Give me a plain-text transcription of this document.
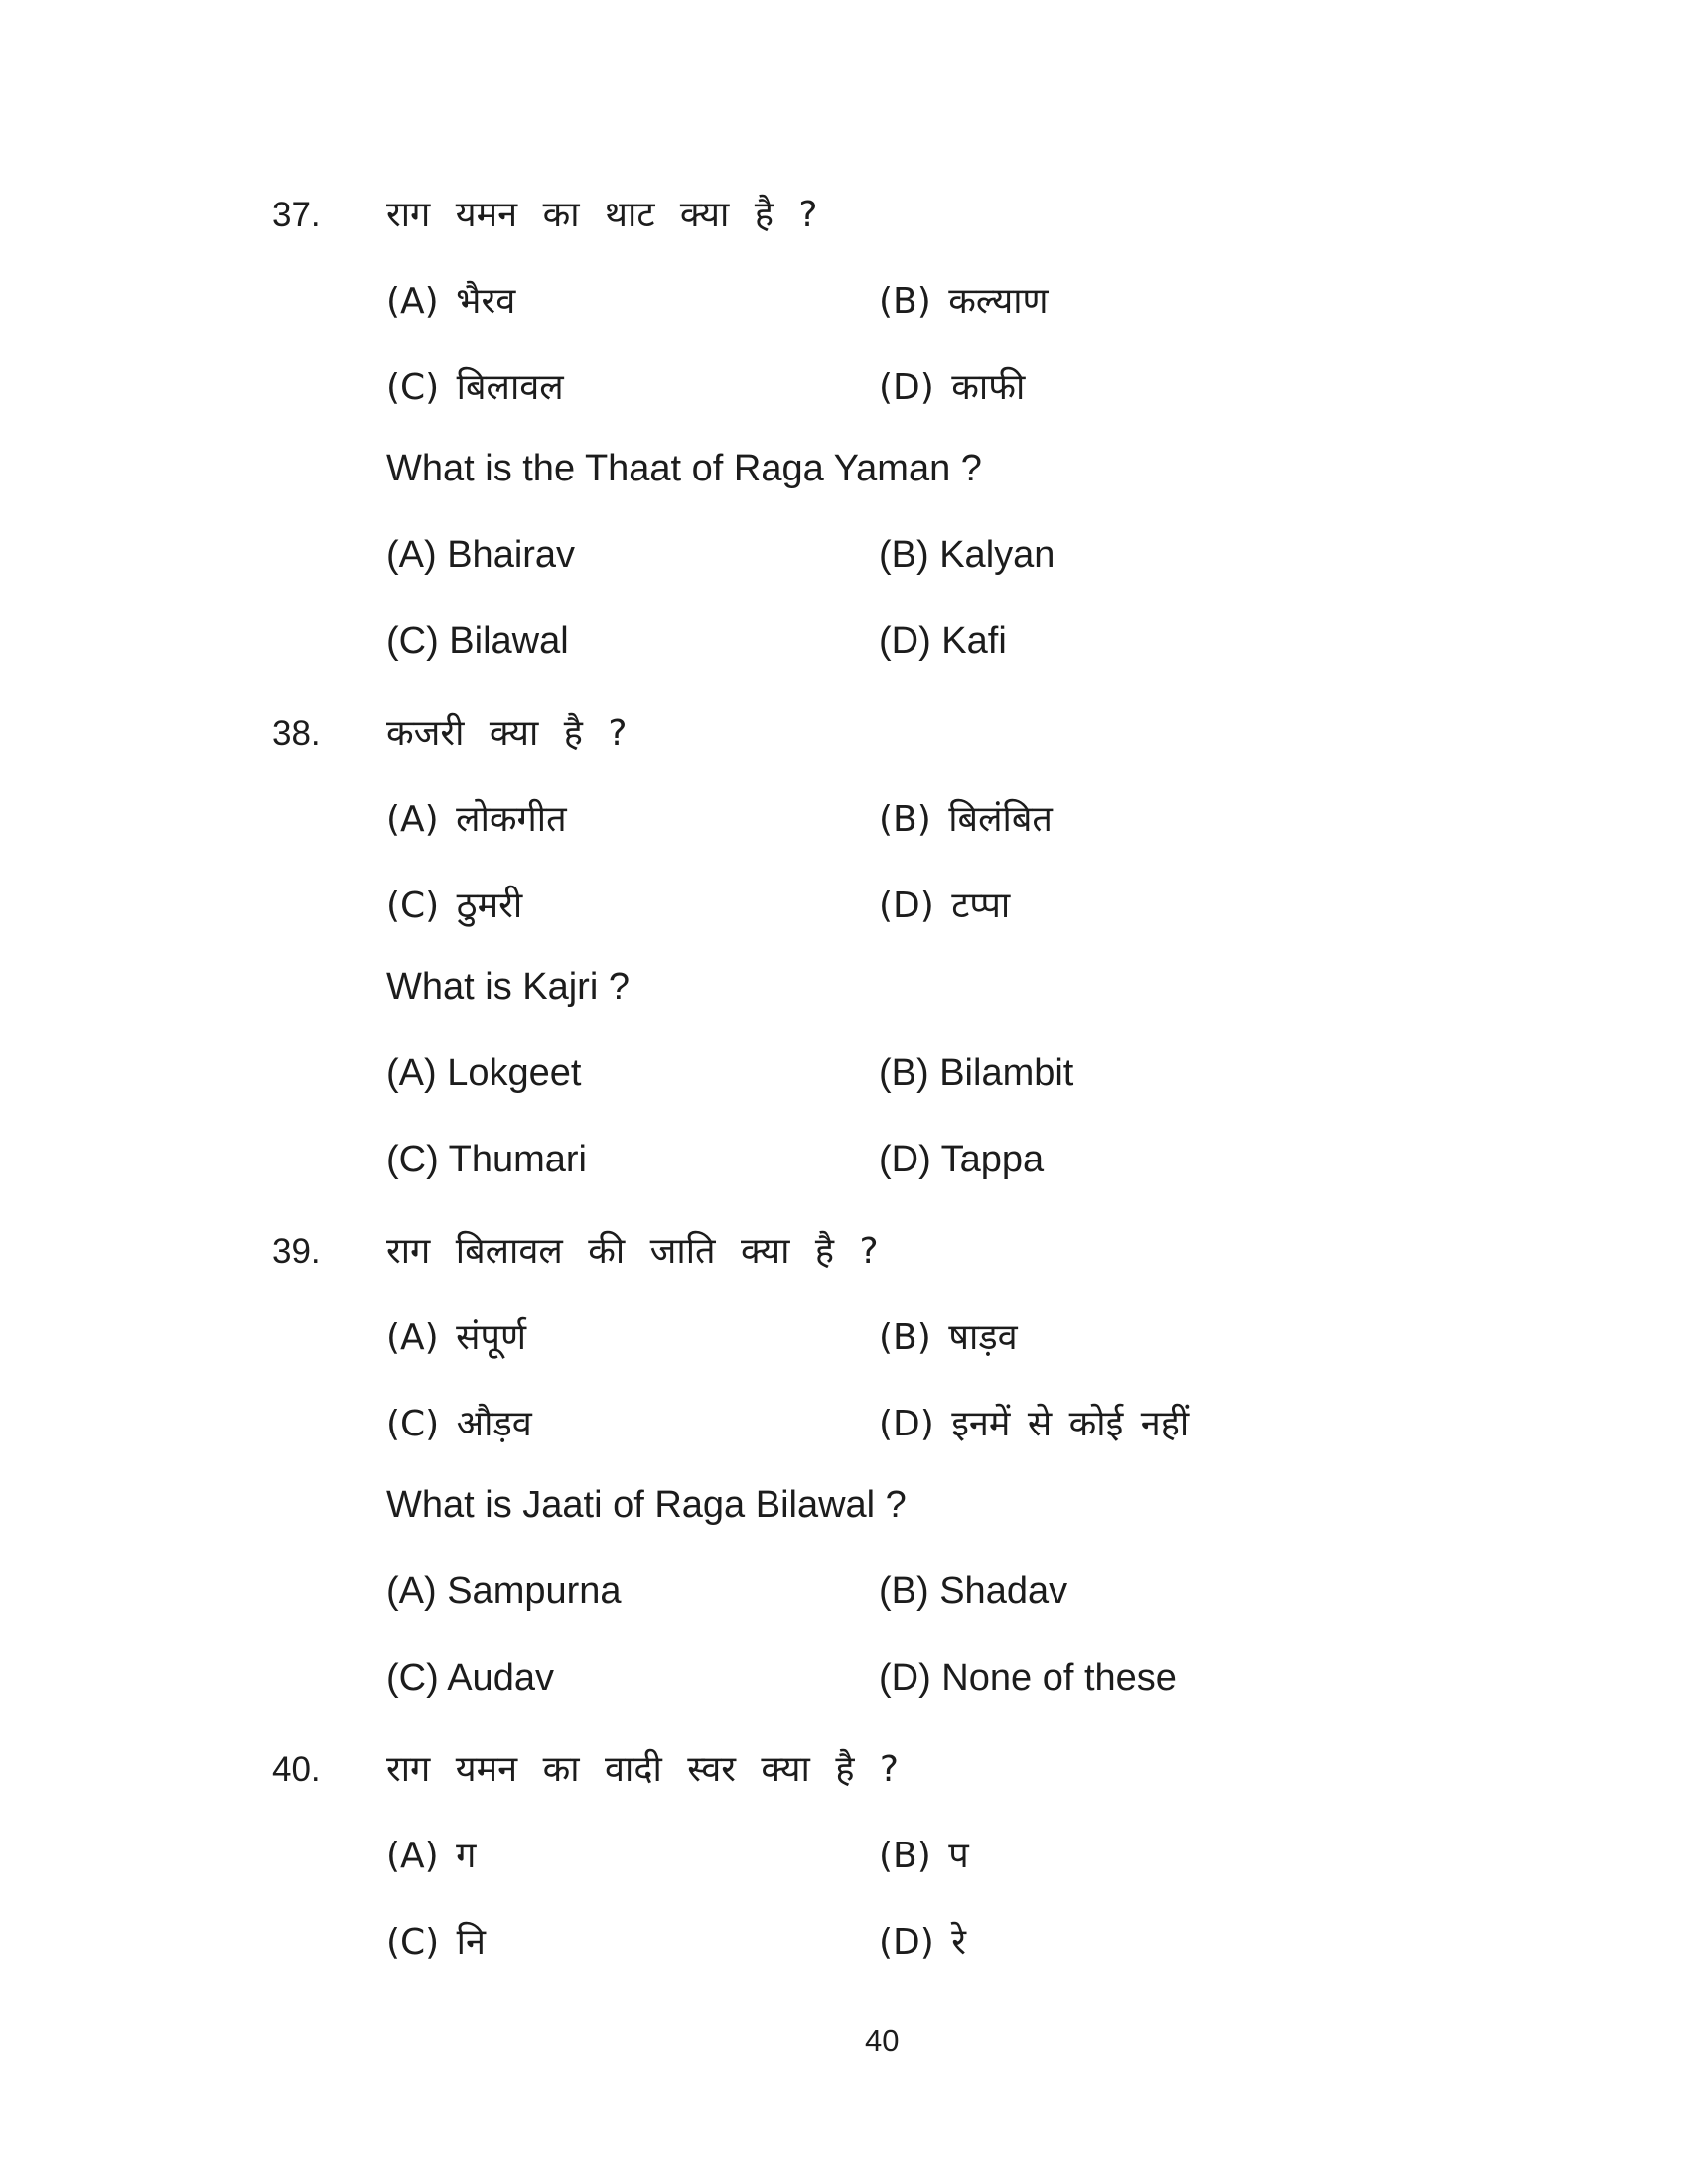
37.	राग यमन का थाट क्या है ?
(A) भैरव	(B) कल्याण
(C) बिलावल	(D) काफी
What is the Thaat of Raga Yaman ?
(A) Bhairav	(B) Kalyan
(C) Bilawal	(D) Kafi
38.	कजरी क्या है ?
(A) लोकगीत	(B) बिलंबित
(C) ठुमरी	(D) टप्पा
What is Kajri ?
(A) Lokgeet	(B) Bilambit
(C) Thumari	(D) Tappa
39.	राग बिलावल की जाति क्या है ?
(A) संपूर्ण	(B) षाड़व
(C) औड़व	(D) इनमें से कोई नहीं
What is Jaati of Raga Bilawal ?
(A) Sampurna	(B) Shadav
(C) Audav	(D) None of these
40.	राग यमन का वादी स्वर क्या है ?
(A) ग	(B) प
(C) नि	(D) रे
40
